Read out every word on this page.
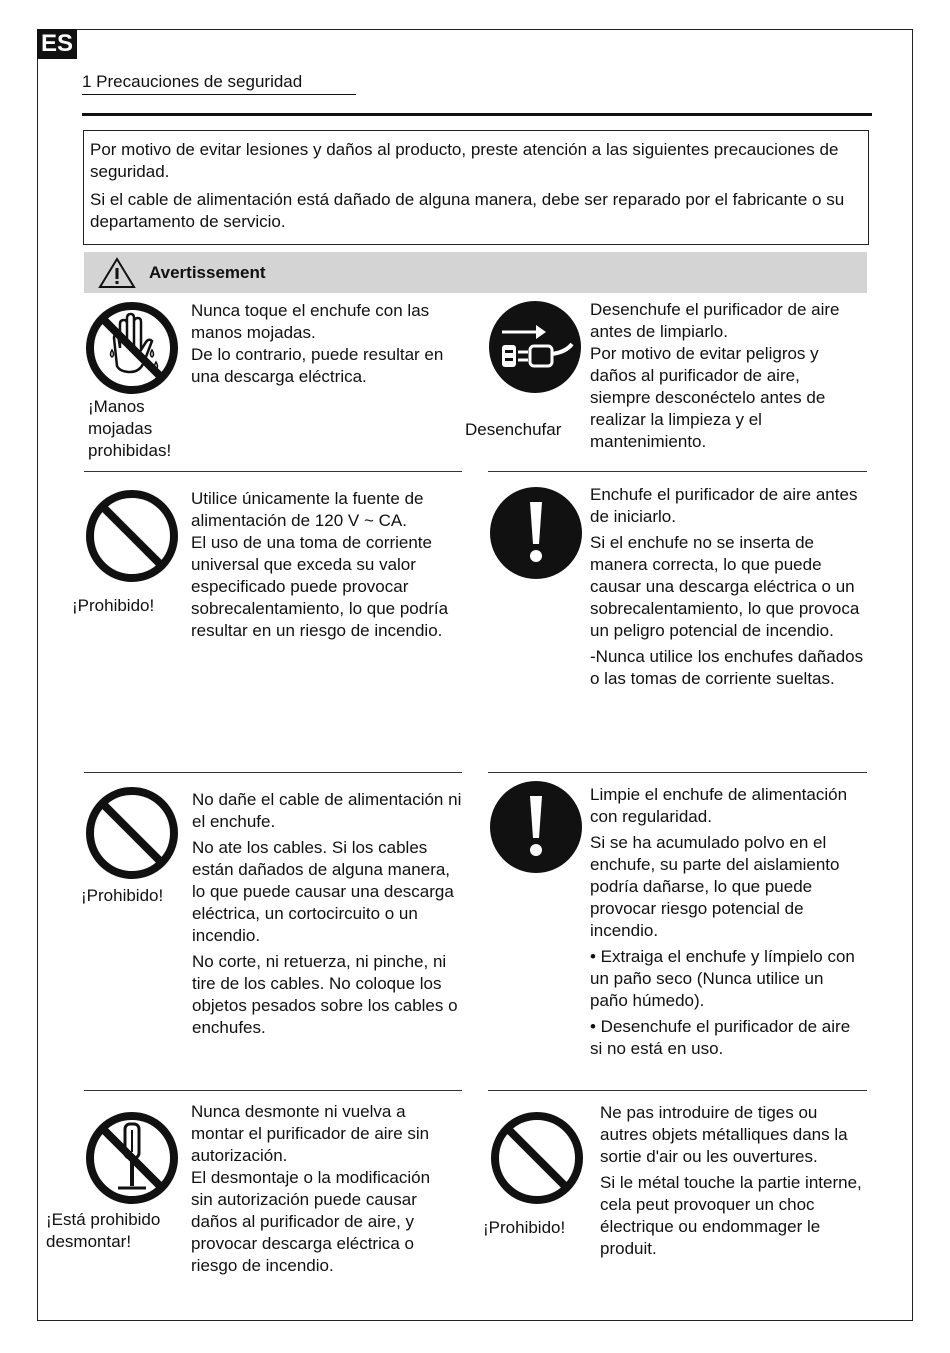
ES
1 Precauciones de seguridad

Por motivo de evitar lesiones y daños al producto, preste atención a las siguientes precauciones de seguridad.

Si el cable de alimentación está dañado de alguna manera, debe ser reparado por el fabricante o su departamento de servicio.

Avertissement
¡Manos mojadas prohibidas!
Nunca toque el enchufe con las manos mojadas.
De lo contrario, puede resultar en una descarga eléctrica.
Desenchufar
Desenchufe el purificador de aire antes de limpiarlo.
Por motivo de evitar peligros y daños al purificador de aire, siempre desconéctelo antes de realizar la limpieza y el mantenimiento.
¡Prohibido!
Utilice únicamente la fuente de alimentación de 120 V ~ CA.
El uso de una toma de corriente universal que exceda su valor especificado puede provocar sobrecalentamiento, lo que podría resultar en un riesgo de incendio.

Enchufe el purificador de aire antes de iniciarlo.

Si el enchufe no se inserta de manera correcta, lo que puede causar una descarga eléctrica o un sobrecalentamiento, lo que provoca un peligro potencial de incendio.

-Nunca utilice los enchufes dañados o las tomas de corriente sueltas.

¡Prohibido!

No dañe el cable de alimentación ni el enchufe.

No ate los cables. Si los cables están dañados de alguna manera, lo que puede causar una descarga eléctrica, un cortocircuito o un incendio.

No corte, ni retuerza, ni pinche, ni tire de los cables. No coloque los objetos pesados sobre los cables o enchufes.

Limpie el enchufe de alimentación con regularidad.

Si se ha acumulado polvo en el enchufe, su parte del aislamiento podría dañarse, lo que puede provocar riesgo potencial de incendio.

• Extraiga el enchufe y límpielo con un paño seco (Nunca utilice un paño húmedo).

• Desenchufe el purificador de aire si no está en uso.

¡Está prohibido desmontar!
Nunca desmonte ni vuelva a montar el purificador de aire sin autorización.
El desmontaje o la modificación sin autorización puede causar daños al purificador de aire, y provocar descarga eléctrica o riesgo de incendio.
¡Prohibido!

Ne pas introduire de tiges ou autres objets métalliques dans la sortie d'air ou les ouvertures.

Si le métal touche la partie interne, cela peut provoquer un choc électrique ou endommager le produit.
